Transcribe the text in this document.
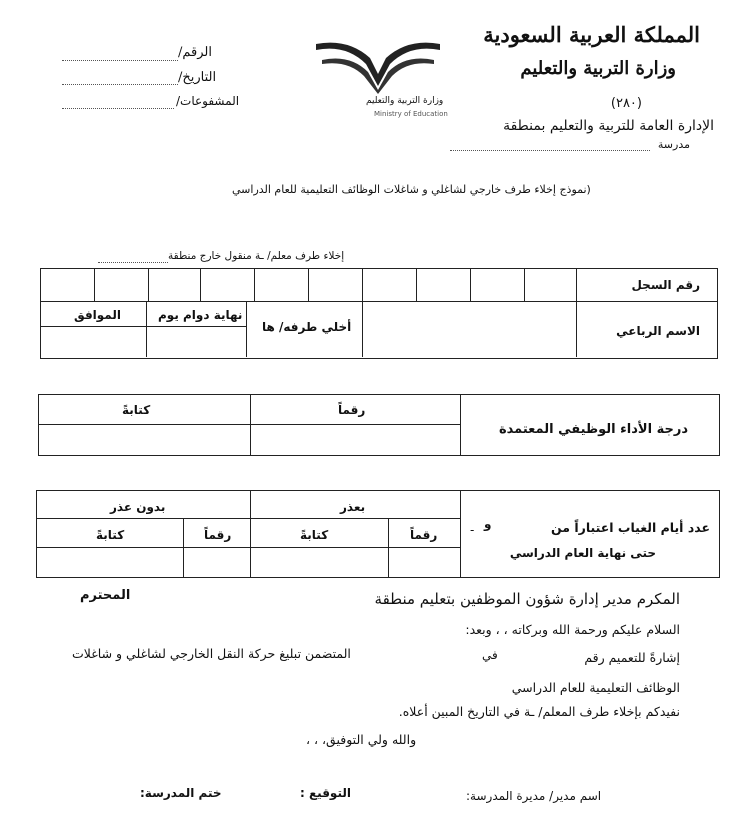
المملكة العربية السعودية
وزارة التربية والتعليم
(٢٨٠)
الإدارة العامة للتربية والتعليم بمنطقة
مدرسة
وزارة التربية والتعليم
Ministry of Education
الرقم/
التاريخ/
المشفوعات/
(نموذج إخلاء طرف خارجي لشاغلي و شاغلات الوظائف التعليمية للعام الدراسي
إخلاء طرف معلم/ ـة منقول خارج منطقة
رقم السجل
الاسم الرباعي
أخلي طرفه/ ها
نهاية دوام يوم
الموافق
درجة الأداء الوظيفي المعتمدة
رقماً
كتابةً
عدد أيام الغياب اعتباراً من
و
-
حتى نهاية العام الدراسي
بعذر
بدون عذر
رقماً
كتابةً
رقماً
كتابةً
المكرم مدير إدارة شؤون الموظفين بتعليم منطقة
المحترم
السلام عليكم ورحمة الله وبركاته ، ، وبعد:
إشارةً للتعميم رقم
في
المتضمن تبليغ حركة النقل الخارجي لشاغلي و شاغلات
الوظائف التعليمية للعام الدراسي
نفيدكم بإخلاء طرف المعلم/ ـة في التاريخ المبين أعلاه.
والله ولي التوفيق، ، ،
اسم مدير/ مديرة المدرسة:
التوقيع :
ختم المدرسة:
